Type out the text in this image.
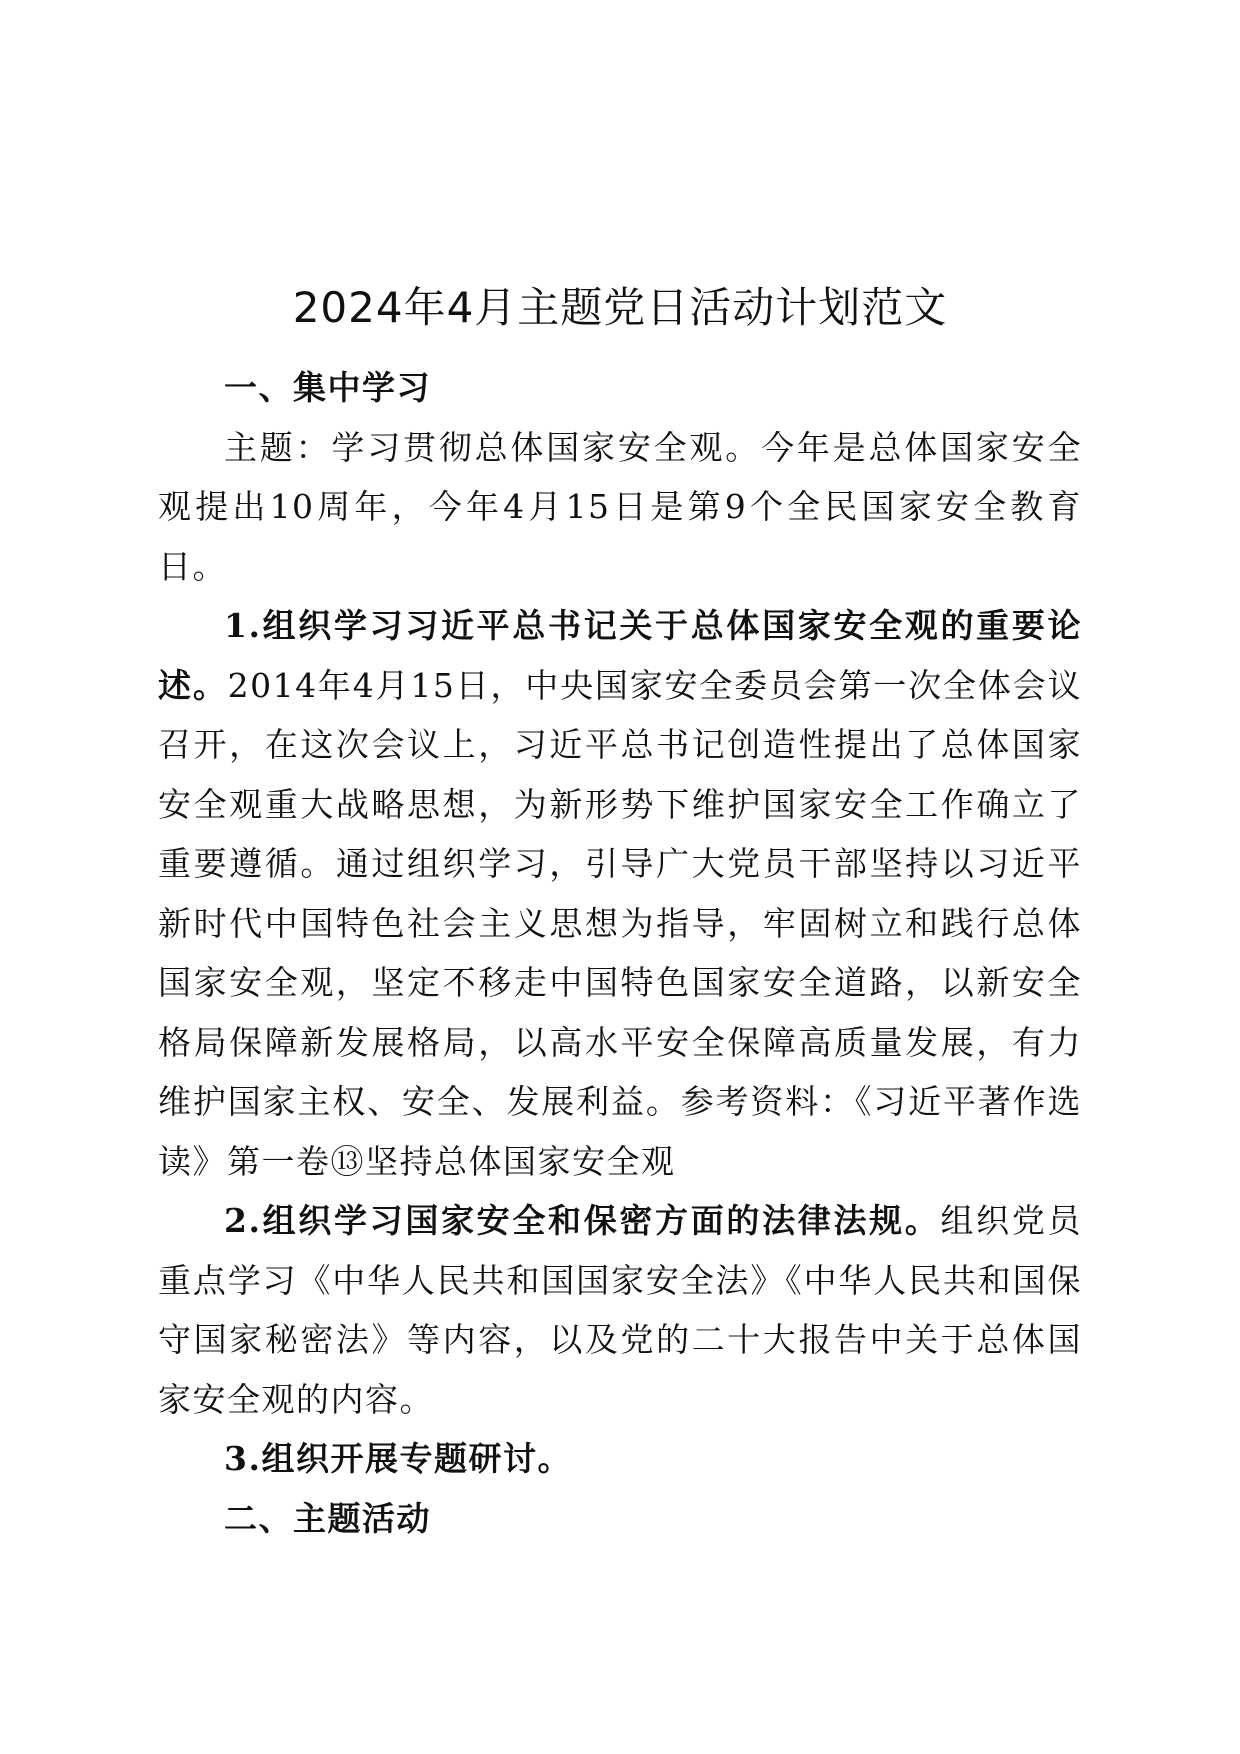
2024年4月主题党日活动计划范文

一、集中学习

主题：学习贯彻总体国家安全观。今年是总体国家安全观提出10周年，今年4月15日是第9个全民国家安全教育日。

1.组织学习习近平总书记关于总体国家安全观的重要论述。2014年4月15日，中央国家安全委员会第一次全体会议召开，在这次会议上，习近平总书记创造性提出了总体国家安全观重大战略思想，为新形势下维护国家安全工作确立了重要遵循。通过组织学习，引导广大党员干部坚持以习近平新时代中国特色社会主义思想为指导，牢固树立和践行总体国家安全观，坚定不移走中国特色国家安全道路，以新安全格局保障新发展格局，以高水平安全保障高质量发展，有力维护国家主权、安全、发展利益。参考资料：《习近平著作选读》第一卷⑬坚持总体国家安全观

2.组织学习国家安全和保密方面的法律法规。组织党员重点学习《中华人民共和国国家安全法》《中华人民共和国保守国家秘密法》等内容，以及党的二十大报告中关于总体国家安全观的内容。

3.组织开展专题研讨。

二、主题活动
